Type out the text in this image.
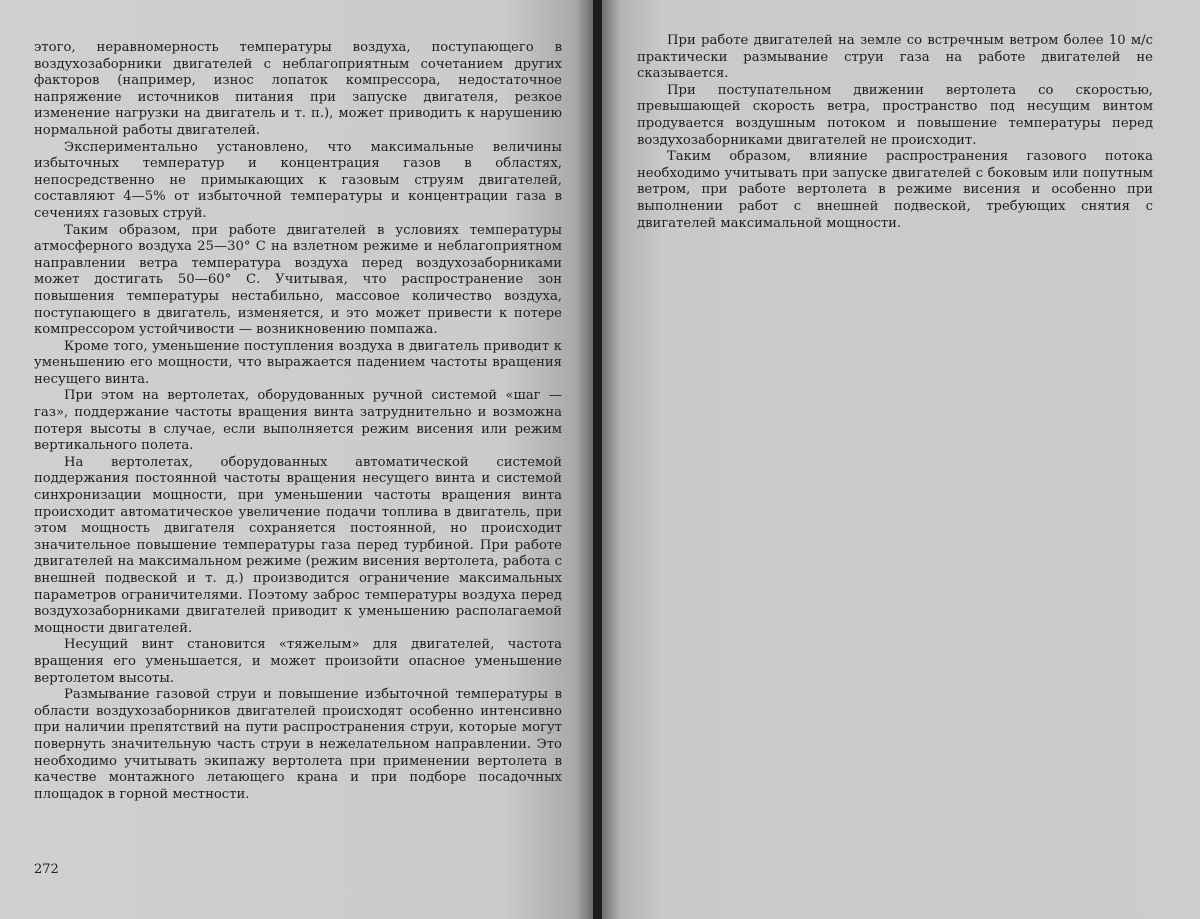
этого, неравномерность температуры воздуха, поступающего в воздухозаборники двигателей с неблагоприятным сочетанием других факторов (например, износ лопаток компрессора, недостаточное напряжение источников питания при запуске двигателя, резкое изменение нагрузки на двигатель и т. п.), может приводить к нарушению нормальной работы двигателей.

Экспериментально установлено, что максимальные величины избыточных температур и концентрация газов в областях, непосредственно не примыкающих к газовым струям двигателей, составляют 4—5% от избыточной температуры и концентрации газа в сечениях газовых струй.

Таким образом, при работе двигателей в условиях температуры атмосферного воздуха 25—30° С на взлетном режиме и неблагоприятном направлении ветра температура воздуха перед воздухозаборниками может достигать 50—60° С. Учитывая, что распространение зон повышения температуры нестабильно, массовое количество воздуха, поступающего в двигатель, изменяется, и это может привести к потере компрессором устойчивости — возникновению помпажа.

Кроме того, уменьшение поступления воздуха в двигатель приводит к уменьшению его мощности, что выражается падением частоты вращения несущего винта.

При этом на вертолетах, оборудованных ручной системой «шаг — газ», поддержание частоты вращения винта затруднительно и возможна потеря высоты в случае, если выполняется режим висения или режим вертикального полета.

На вертолетах, оборудованных автоматической системой поддержания постоянной частоты вращения несущего винта и системой синхронизации мощности, при уменьшении частоты вращения винта происходит автоматическое увеличение подачи топлива в двигатель, при этом мощность двигателя сохраняется постоянной, но происходит значительное повышение температуры газа перед турбиной. При работе двигателей на максимальном режиме (режим висения вертолета, работа с внешней подвеской и т. д.) производится ограничение максимальных параметров ограничителями. Поэтому заброс температуры воздуха перед воздухозаборниками двигателей приводит к уменьшению располагаемой мощности двигателей.

Несущий винт становится «тяжелым» для двигателей, частота вращения его уменьшается, и может произойти опасное уменьшение вертолетом высоты.

Размывание газовой струи и повышение избыточной температуры в области воздухозаборников двигателей происходят особенно интенсивно при наличии препятствий на пути распространения струи, которые могут повернуть значительную часть струи в нежелательном направлении. Это необходимо учитывать экипажу вертолета при применении вертолета в качестве монтажного летающего крана и при подборе посадочных площадок в горной местности.

272

При работе двигателей на земле со встречным ветром более 10 м/с практически размывание струи газа на работе двигателей не сказывается.

При поступательном движении вертолета со скоростью, превышающей скорость ветра, пространство под несущим винтом продувается воздушным потоком и повышение температуры перед воздухозаборниками двигателей не происходит.

Таким образом, влияние распространения газового потока необходимо учитывать при запуске двигателей с боковым или попутным ветром, при работе вертолета в режиме висения и особенно при выполнении работ с внешней подвеской, требующих снятия с двигателей максимальной мощности.
